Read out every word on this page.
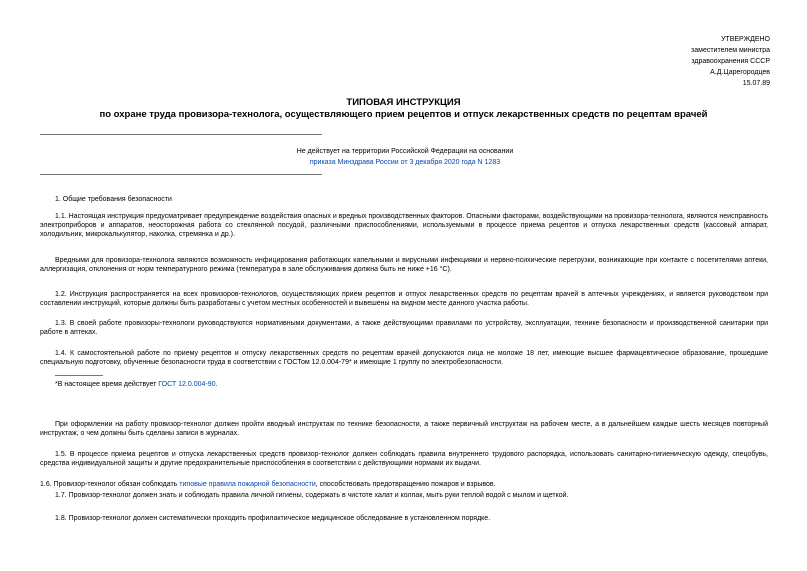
УТВЕРЖДЕНО
заместителем министра
здравоохранения СССР
А.Д.Царегородцев
15.07.89
ТИПОВАЯ ИНСТРУКЦИЯ
по охране труда провизора-технолога, осуществляющего прием рецептов и отпуск лекарственных средств по рецептам врачей
Не действует на территории Российской Федерации на основании
приказа Минздрава России от 3 декабря 2020 года N 1283
1. Общие требования безопасности
1.1. Настоящая инструкция предусматривает предупреждение воздействия опасных и вредных производственных факторов. Опасными факторами, воздействующими на провизора-технолога, являются неисправность электроприборов и аппаратов, неосторожная работа со стеклянной посудой, различными приспособлениями, используемыми в процессе приема рецептов и отпуска лекарственных средств (кассовый аппарат, холодильник, микрокалькулятор, наколка, стремянка и др.).
Вредными для провизора-технолога являются возможность инфицирования работающих капельными и вирусными инфекциями и нервно-психические перегрузки, возникающие при контакте с посетителями аптеки, аллергизация, отклонения от норм температурного режима (температура в зале обслуживания должна быть не ниже +16 °С).
1.2. Инструкция распространяется на всех провизоров-технологов, осуществляющих прием рецептов и отпуск лекарственных средств по рецептам врачей в аптечных учреждениях, и является руководством при составлении инструкций, которые должны быть разработаны с учетом местных особенностей и вывешены на видном месте данного участка работы.
1.3. В своей работе провизоры-технологи руководствуются нормативными документами, а также действующими правилами по устройству, эксплуатации, технике безопасности и производственной санитарии при работе в аптеках.
1.4. К самостоятельной работе по приему рецептов и отпуску лекарственных средств по рецептам врачей допускаются лица не моложе 18 лет, имеющие высшее фармацевтическое образование, прошедшие специальную подготовку, обученные безопасности труда в соответствии с ГОСТом 12.0.004-79* и имеющие 1 группу по электробезопасности.
*В настоящее время действует ГОСТ 12.0.004-90.
При оформлении на работу провизор-технолог должен пройти вводный инструктаж по технике безопасности, а также первичный инструктаж на рабочем месте, а в дальнейшем каждые шесть месяцев повторный инструктаж, о чем должны быть сделаны записи в журналах.
1.5. В процессе приема рецептов и отпуска лекарственных средств провизор-технолог должен соблюдать правила внутреннего трудового распорядка, использовать санитарно-гигиеническую одежду, спецобувь, средства индивидуальной защиты и другие предохранительные приспособления в соответствии с действующими нормами их выдачи.
1.6. Провизор-технолог обязан соблюдать типовые правила пожарной безопасности, способствовать предотвращению пожаров и взрывов.
1.7. Провизор-технолог должен знать и соблюдать правила личной гигиены, содержать в чистоте халат и колпак, мыть руки теплой водой с мылом и щеткой.
1.8. Провизор-технолог должен систематически проходить профилактическое медицинское обследование в установленном порядке.
